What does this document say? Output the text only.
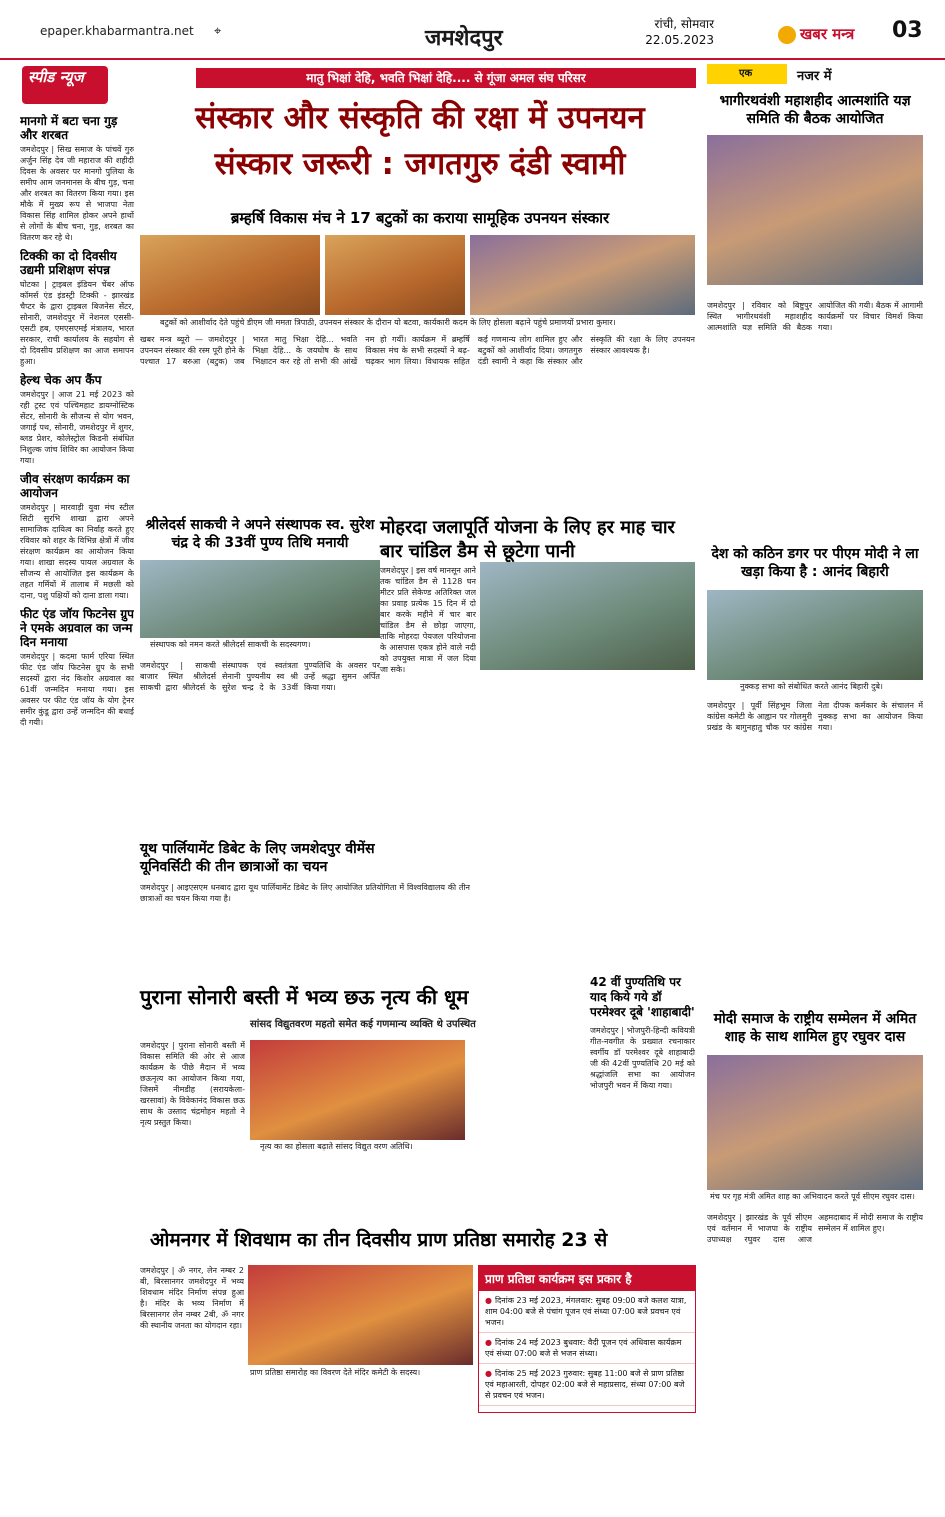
epaper.khabarmantra.net ⌖	जमशेदपुर
रांची, सोमवार
22.05.2023	खबर मन्त्र 03
स्पीड न्यूज
मानगो में बटा चना गुड़ और शरबत
जमशेदपुर | सिख समाज के पांचवें गुरु अर्जुन सिंह देव जी महाराज की शहीदी दिवस के अवसर पर मानगो पुलिया के समीप आम जनमानस के बीच गुड़, चना और शरबत का वितरण किया गया। इस मौके में मुख्य रूप से भाजपा नेता विकास सिंह शामिल होकर अपने हाथों से लोगों के बीच चना, गुड़, शरबत का वितरण कर रहे थे।
टिक्की का दो दिवसीय उद्यमी प्रशिक्षण संपन्न
घोटका | ट्राइबल इंडियन चेंबर ऑफ कॉमर्स एंड इंडस्ट्री टिक्की - झारखंड चैप्टर के द्वारा ट्राइबल बिजनेस सेंटर, सोनारी, जमशेदपुर में नेशनल एससी-एसटी हब, एमएसएमई मंत्रालय, भारत सरकार, राची कार्यालय के सहयोग से दो दिवसीय प्रशिक्षण का आज समापन हुआ।
हेल्थ चेक अप कैंप
जमशेदपुर | आज 21 मई 2023 को रही ट्रस्ट एवं पश्चिमहाट डायग्नोस्टिक सेंटर, सोनारी के सौजन्य से योग भवन, जगाई पथ, सोनारी, जमशेदपुर में शुगर, ब्लड प्रेशर, कोलेस्ट्रोल किडनी संबंधित निशुल्क जांच शिविर का आयोजन किया गया।
जीव संरक्षण कार्यक्रम का आयोजन
जमशेदपुर | मारवाड़ी युवा मंच स्टील सिटी सुरभि शाखा द्वारा अपने सामाजिक दायित्व का निर्वाह करते हुए रविवार को शहर के विभिन्न क्षेत्रों में जीव संरक्षण कार्यक्रम का आयोजन किया गया। शाखा सदस्य पायल अग्रवाल के सौजन्य से आयोजित इस कार्यक्रम के तहत गर्मियों में तालाब में मछली को दाना, पशु पक्षियों को दाना डाला गया।
फीट एंड जॉय फिटनेस ग्रुप ने एमके अग्रवाल का जन्म दिन मनाया
जमशेदपुर | कदमा फार्म एरिया स्थित फीट एंड जॉय फिटनेस ग्रुप के सभी सदस्यों द्वारा नंद किशोर अग्रवाल का 61वीं जन्मदिन मनाया गया। इस अवसर पर फीट एंड जॉय के योग ट्रेनर समीर कुंडू द्वारा उन्हें जन्मदिन की बधाई दी गयी।
मातु भिक्षां देहि, भवति भिक्षां देहि.... से गूंजा अमल संघ परिसर
संस्कार और संस्कृति की रक्षा में उपनयन
संस्कार जरूरी : जगतगुरु दंडी स्वामी
ब्रम्हर्षि विकास मंच ने 17 बटुकों का कराया सामूहिक उपनयन संस्कार
बटुकों को आशीर्वाद देते पहुंचे डीएम जी ममता त्रिपाठी, उपनयन संस्कार के दौरान यो बटवा, कार्यकारी कदम के लिए होसला बढ़ाने पहुंचे प्रमाणयों प्रभारा कुमार।
खबर मन्त्र ब्यूरो — जमशेदपुर | उपनयन संस्कार की रस्म पूरी होने के पश्चात 17 बरुआ (बटुक) जब भारत मातु भिक्षा देहि... भवति भिक्षा देहि... के जयघोष के साथ भिक्षाटन कर रहे तो सभी की आंखें नम हो गयीं। कार्यक्रम में ब्रम्हर्षि विकास मंच के सभी सदस्यों ने बढ़-चढ़कर भाग लिया। विधायक सहित कई गणमान्य लोग शामिल हुए और बटुकों को आशीर्वाद दिया। जगतगुरु दंडी स्वामी ने कहा कि संस्कार और संस्कृति की रक्षा के लिए उपनयन संस्कार आवश्यक है।
श्रीलेदर्स साकची ने अपने संस्थापक स्व. सुरेश चंद्र दे की 33वीं पुण्य तिथि मनायी
संस्थापक को नमन करते श्रीलेदर्स साकची के सदस्यगण।
जमशेदपुर | साकची बाजार स्थित श्रीलेदर्स साकची द्वारा श्रीलेदर्स के संस्थापक एवं स्वतंत्रता सेनानी पुण्यनीय स्व श्री सुरेश चन्द्र दे के 33वीं पुण्यतिथि के अवसर पर उन्हें श्रद्धा सुमन अर्पित किया गया।
मोहरदा जलापूर्ति योजना के लिए हर माह चार बार चांडिल डैम से छूटेगा पानी
जमशेदपुर | इस वर्ष मानसून आने तक चांडिल डैम से 1128 घन मीटर प्रति सेकेण्ड अतिरिक्त जल का प्रवाह प्रत्येक 15 दिन में दो बार करके महीने में चार बार चांडिल डैम से छोड़ा जाएगा, ताकि मोहरदा पेयजल परियोजना के आसपास एकत्र होने वाले नदी को उपयुक्त मात्रा में जल दिया जा सके।
यूथ पार्लियामेंट डिबेट के लिए जमशेदपुर वीमेंस यूनिवर्सिटी की तीन छात्राओं का चयन
जमशेदपुर | आइएसएम धनबाद द्वारा यूथ पार्लियामेंट डिबेट के लिए आयोजित प्रतियोगिता में विश्वविद्यालय की तीन छात्राओं का चयन किया गया है।
42 वीं पुण्यतिथि पर याद किये गये डॉ परमेश्वर दूबे 'शाहाबादी'
जमशेदपुर | भोजपुरी-हिन्दी कवियत्री गीत-नवगीत के प्रख्यात रचनाकार स्वर्गीय डॉ परमेश्वर दूबे शाहाबादी जी की 42वीं पुण्यतिथि 20 मई को श्रद्धांजलि सभा का आयोजन भोजपुरी भवन में किया गया।
पुराना सोनारी बस्ती में भव्य छऊ नृत्य की धूम
सांसद विद्युतवरण महतो समेत कई गणमान्य व्यक्ति थे उपस्थित
नृत्य का का होसला बढ़ाते सांसद विद्युत वरण अतिथि।
जमशेदपुर | पुराना सोनारी बस्ती में विकास समिति की ओर से आज कार्यक्रम के पीछे मैदान में भव्य छऊनृत्य का आयोजन किया गया, जिसमें नीमडीह (सरायकेला-खरसावां) के विवेकानंद विकास छऊ साथ के उस्ताद चंद्रमोहन महतो ने नृत्य प्रस्तुत किया।
ओमनगर में शिवधाम का तीन दिवसीय प्राण प्रतिष्ठा समारोह 23 से
प्राण प्रतिष्ठा समारोह का विवरण देते मंदिर कमेटी के सदस्य।
जमशेदपुर | ॐ नगर, लेन नम्बर 2 बी, बिरसानगर जमशेदपुर में भव्य शिवधाम मंदिर निर्माण संपन्न हुआ है। मंदिर के भव्य निर्माण में बिरसानगर लेन नम्बर 2बी, ॐ नगर की स्थानीय जनता का योगदान रहा।
प्राण प्रतिष्ठा कार्यक्रम इस प्रकार है
● दिनांक 23 मई 2023, मंगलवार: सुबह 09:00 बजे कलश यात्रा, शाम 04:00 बजे से पंचांग पूजन एवं संध्या 07:00 बजे प्रवचन एवं भजन।
● दिनांक 24 मई 2023 बुधवार: वैदी पूजन एवं अधिवास कार्यक्रम एवं संध्या 07:00 बजे से भजन संध्या।
● दिनांक 25 मई 2023 गुरुवार: सुबह 11:00 बजे से प्राण प्रतिष्ठा एवं महाआरती, दोपहर 02:00 बजे से महाप्रसाद, संध्या 07:00 बजे से प्रवचन एवं भजन।
एक	नजर में
भागीरथवंशी महाशहीद आत्मशांति यज्ञ समिति की बैठक आयोजित
जमशेदपुर | रविवार को बिष्टुपुर स्थित भागीरथवंशी महाशहीद आत्मशांति यज्ञ समिति की बैठक आयोजित की गयी। बैठक में आगामी कार्यक्रमों पर विचार विमर्श किया गया।
देश को कठिन डगर पर पीएम मोदी ने ला खड़ा किया है : आनंद बिहारी
नुक्कड़ सभा को संबोधित करते आनंद बिहारी दुबे।
जमशेदपुर | पूर्वी सिंहभूम जिला कांग्रेस कमेटी के आह्वान पर गोलमुरी प्रखंड के बागुनहातु चौक पर कांग्रेस नेता दीपक कर्मकार के संचालन में नुक्कड़ सभा का आयोजन किया गया।
मोदी समाज के राष्ट्रीय सम्मेलन में अमित शाह के साथ शामिल हुए रघुवर दास
मंच पर गृह मंत्री अमित शाह का अभिवादन करते पूर्व सीएम रघुवर दास।
जमशेदपुर | झारखंड के पूर्व सीएम एवं वर्तमान में भाजपा के राष्ट्रीय उपाध्यक्ष रघुवर दास आज अहमदाबाद में मोदी समाज के राष्ट्रीय सम्मेलन में शामिल हुए।
